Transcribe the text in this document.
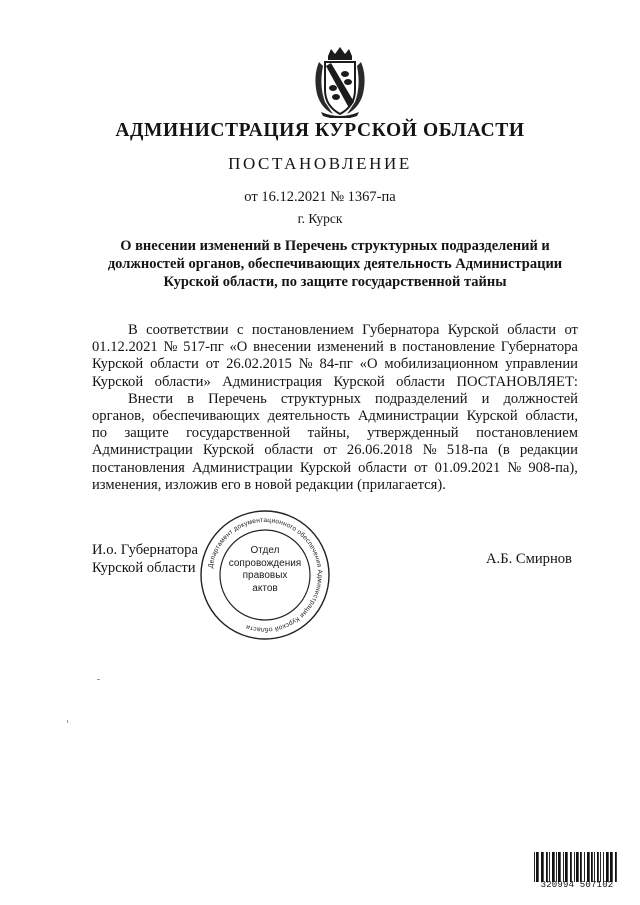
АДМИНИСТРАЦИЯ КУРСКОЙ ОБЛАСТИ
ПОСТАНОВЛЕНИЕ
от 16.12.2021 № 1367-па
г. Курск
О внесении изменений в Перечень структурных подразделений и
должностей органов, обеспечивающих деятельность Администрации
Курской области, по защите государственной тайны
В соответствии с постановлением Губернатора Курской области от
01.12.2021 № 517-пг «О внесении изменений в постановление Губернатора
Курской области от 26.02.2015 № 84-пг «О мобилизационном управлении
Курской области» Администрация Курской области ПОСТАНОВЛЯЕТ:
Внести в Перечень структурных подразделений и должностей
органов, обеспечивающих деятельность Администрации Курской области,
по защите государственной тайны, утвержденный постановлением
Администрации Курской области от 26.06.2018 № 518-па (в редакции
постановления Администрации Курской области от 01.09.2021 № 908-па),
изменения, изложив его в новой редакции (прилагается).
И.о. Губернатора
Курской области	Департамент документационного обеспечения Администрации Курской области
Отдел
сопровождения
правовых
актов
А.Б. Смирнов
320994 507102
